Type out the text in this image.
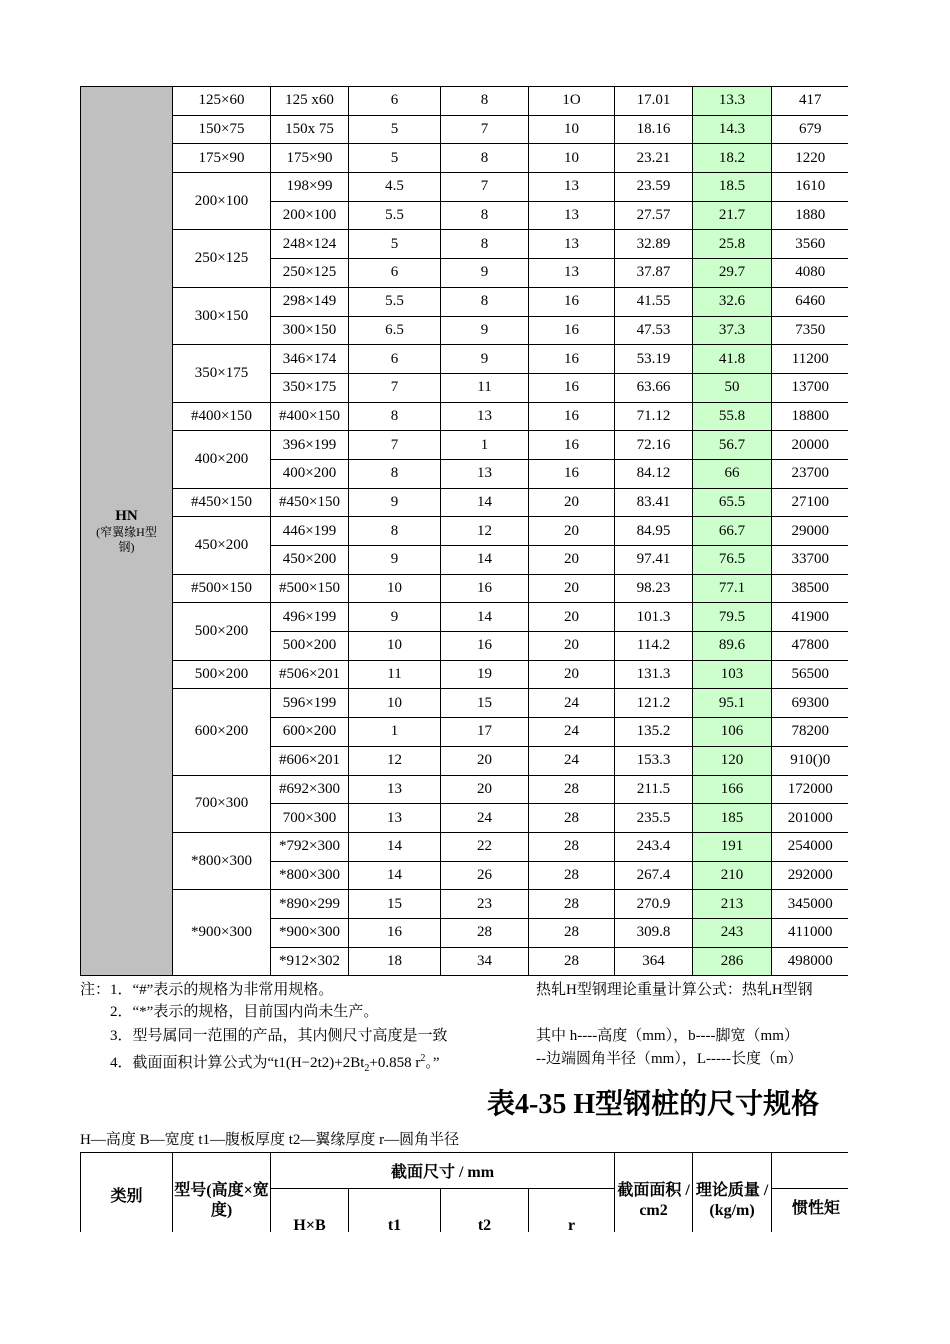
HN
(窄翼缘H型钢)	125×60	125 x60	6	8	1O	17.01	13.3	417
	150×75	150x 75	5	7	10	18.16	14.3	679
	175×90	175×90	5	8	10	23.21	18.2	1220
	200×100	198×99	4.5	7	13	23.59	18.5	1610
		200×100	5.5	8	13	27.57	21.7	1880
	250×125	248×124	5	8	13	32.89	25.8	3560
		250×125	6	9	13	37.87	29.7	4080
	300×150	298×149	5.5	8	16	41.55	32.6	6460
		300×150	6.5	9	16	47.53	37.3	7350
	350×175	346×174	6	9	16	53.19	41.8	11200
		350×175	7	11	16	63.66	50	13700
	#400×150	#400×150	8	13	16	71.12	55.8	18800
	400×200	396×199	7	1	16	72.16	56.7	20000
		400×200	8	13	16	84.12	66	23700
	#450×150	#450×150	9	14	20	83.41	65.5	27100
	450×200	446×199	8	12	20	84.95	66.7	29000
		450×200	9	14	20	97.41	76.5	33700
	#500×150	#500×150	10	16	20	98.23	77.1	38500
	500×200	496×199	9	14	20	101.3	79.5	41900
		500×200	10	16	20	114.2	89.6	47800
	500×200	#506×201	11	19	20	131.3	103	56500
	600×200	596×199	10	15	24	121.2	95.1	69300
		600×200	1	17	24	135.2	106	78200
		#606×201	12	20	24	153.3	120	910()0
	700×300	#692×300	13	20	28	211.5	166	172000
		700×300	13	24	28	235.5	185	201000
	*800×300	*792×300	14	22	28	243.4	191	254000
		*800×300	14	26	28	267.4	210	292000
	*900×300	*890×299	15	23	28	270.9	213	345000
		*900×300	16	28	28	309.8	243	411000
		*912×302	18	34	28	364	286	498000
注：1．“#”表示的规格为非常用规格。
2．“*”表示的规格，目前国内尚未生产。
3．型号属同一范围的产品，其内侧尺寸高度是一致
4．截面面积计算公式为“$t1(H-2t2)+2Bt_2+0.858$ $r^2$。”
热轧H型钢理论重量计算公式：热轧H型钢
其中 h----高度（mm），b----脚宽（mm）
--边端圆角半径（mm），L-----长度（m）
表4-35 H型钢桩的尺寸规格
H—高度 B—宽度 t1—腹板厚度 t2—翼缘厚度 r—圆角半径
类别	型号(高度×宽度)	截面尺寸 / mm				截面面积 / cm2	理论质量 / (kg/m)	
		H×B	t1	t2	r			惯性矩
